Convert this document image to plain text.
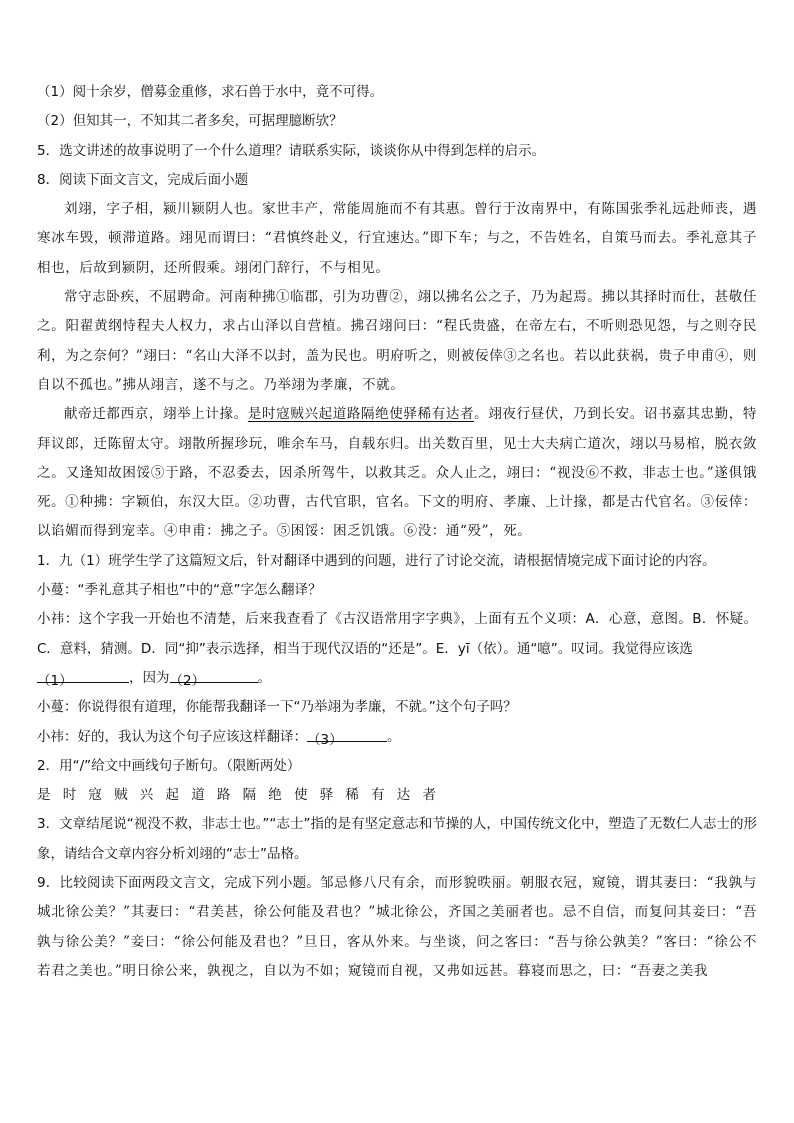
（1）阅十余岁，僧募金重修，求石兽于水中，竟不可得。
（2）但知其一，不知其二者多矣，可据理臆断欤？
5．选文讲述的故事说明了一个什么道理？请联系实际，谈谈你从中得到怎样的启示。
8．阅读下面文言文，完成后面小题
刘翊，字子相，颍川颍阴人也。家世丰产，常能周施而不有其惠。曾行于汝南界中，有陈国张季礼远赴师丧，遇寒冰车毁，顿滞道路。翊见而谓曰：“君慎终赴义，行宜速达。”即下车；与之，不告姓名，自策马而去。季礼意其子相也，后故到颍阴，还所假乘。翊闭门辞行，不与相见。
常守志卧疾，不屈聘命。河南种拂①临郡，引为功曹②，翊以拂名公之子，乃为起焉。拂以其择时而仕，甚敬任之。阳翟黄纲恃程夫人权力，求占山泽以自营植。拂召翊问曰：“程氏贵盛，在帝左右，不听则恐见怨，与之则夺民利，为之奈何？”翊曰：“名山大泽不以封，盖为民也。明府听之，则被佞倖③之名也。若以此获祸，贵子申甫④，则自以不孤也。”拂从翊言，遂不与之。乃举翊为孝廉，不就。
献帝迁都西京，翊举上计掾。是时寇贼兴起道路隔绝使驿稀有达者。翊夜行昼伏，乃到长安。诏书嘉其忠勤，特拜议郎，迁陈留太守。翊散所握珍玩，唯余车马，自载东归。出关数百里，见士大夫病亡道次，翊以马易棺，脱衣敛之。又逢知故困馁⑤于路，不忍委去，因杀所驾牛，以救其乏。众人止之，翊曰：“视没⑥不救，非志士也。”遂俱饿死。①种拂：字颖伯，东汉大臣。②功曹，古代官职，官名。下文的明府、孝廉、上计掾，都是古代官名。③佞倖：以谄媚而得到宠幸。④申甫：拂之子。⑤困馁：困乏饥饿。⑥没：通“殁”，死。
1．九（1）班学生学了这篇短文后，针对翻译中遇到的问题，进行了讨论交流，请根据情境完成下面讨论的内容。
小蔓：“季礼意其子相也”中的“意”字怎么翻译？
小祎：这个字我一开始也不清楚，后来我查看了《古汉语常用字字典》，上面有五个义项：A．心意，意图。B．怀疑。C．意料，猜测。D．同“抑”表示选择，相当于现代汉语的“还是”。E．yī（依）。通“噫”。叹词。我觉得应该选
（1）	，因为（2）	。
小蔓：你说得很有道理，你能帮我翻译一下“乃举翊为孝廉，不就。”这个句子吗？
小祎：好的，我认为这个句子应该这样翻译：（3）	。
2．用“/”给文中画线句子断句。（限断两处）
是时寇贼兴起道路隔绝使驿稀有达者
3．文章结尾说“视没不救，非志士也。”“志士”指的是有坚定意志和节操的人，中国传统文化中，塑造了无数仁人志士的形象，请结合文章内容分析刘翊的“志士”品格。
9．比较阅读下面两段文言文，完成下列小题。邹忌修八尺有余，而形貌昳丽。朝服衣冠，窥镜，谓其妻曰：“我孰与城北徐公美？”其妻曰：“君美甚，徐公何能及君也？”城北徐公，齐国之美丽者也。忌不自信，而复问其妾曰：“吾孰与徐公美？”妾曰：“徐公何能及君也？”旦日，客从外来。与坐谈，问之客曰：“吾与徐公孰美？”客曰：“徐公不若君之美也。”明日徐公来，孰视之，自以为不如；窥镜而自视，又弗如远甚。暮寝而思之，曰：“吾妻之美我
